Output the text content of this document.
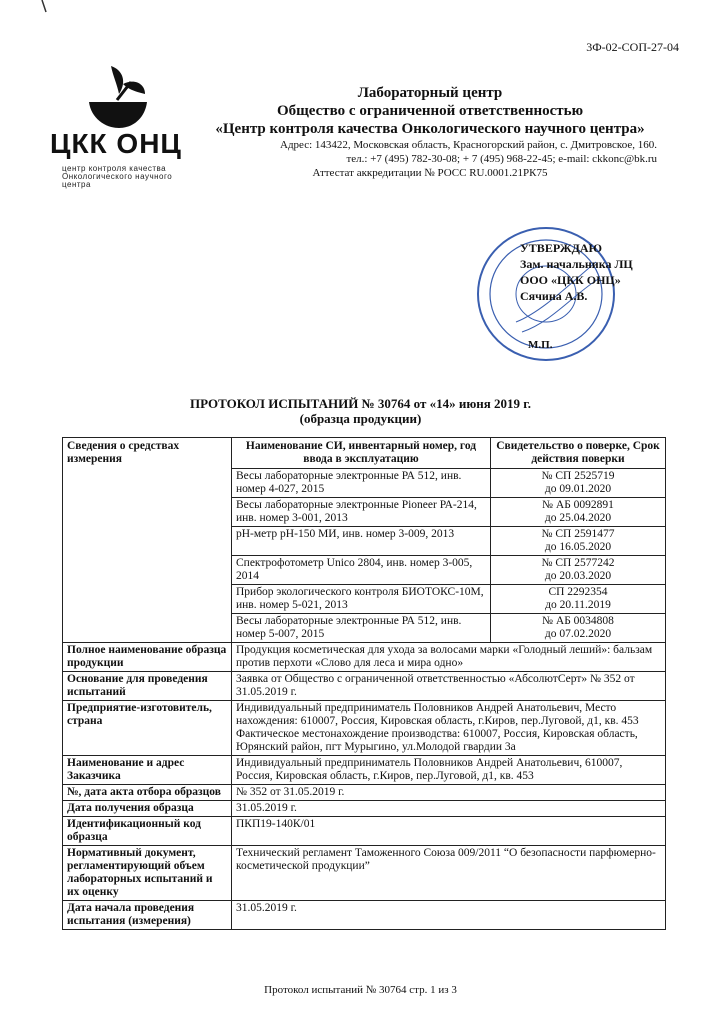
3Ф-02-СОП-27-04
ЦКК ОНЦ
центр контроля качества
Онкологического научного центра
Лабораторный центр
Общество с ограниченной ответственностью
«Центр контроля качества Онкологического научного центра»
Адрес: 143422, Московская область, Красногорский район, с. Дмитровское, 160.
тел.: +7 (495) 782-30-08; + 7 (495) 968-22-45; e-mail: ckkonc@bk.ru
Аттестат аккредитации № РОСС RU.0001.21РК75
УТВЕРЖДАЮ
Зам. начальника ЛЦ
ООО «ЦКК ОНЦ»
Сячина А.В.
М.П.
ПРОТОКОЛ ИСПЫТАНИЙ № 30764 от «14» июня 2019 г.
(образца продукции)
Сведения о средствах измерения	Наименование СИ, инвентарный номер, год ввода в эксплуатацию	Свидетельство о поверке, Срок действия поверки
	Весы лабораторные электронные РА 512, инв. номер 4-027, 2015	№ СП 2525719
до 09.01.2020

	Весы лабораторные электронные Pioneer РА-214, инв. номер 3-001, 2013	№ АБ 0092891
до 25.04.2020

	рН-метр рН-150 МИ, инв. номер 3-009, 2013	№ СП 2591477
до 16.05.2020

	Спектрофотометр Unico 2804, инв. номер 3-005, 2014	№ СП 2577242
до 20.03.2020

	Прибор экологического контроля БИОТОКС-10М, инв. номер 5-021, 2013	СП 2292354
до 20.11.2019

	Весы лабораторные электронные РА 512, инв. номер 5-007, 2015	№ АБ 0034808
до 07.02.2020

Полное наименование образца продукции	Продукция косметическая для ухода за волосами марки «Голодный леший»: бальзам против перхоти «Слово для леса и мира одно»	
Основание для проведения испытаний	Заявка от Общество с ограниченной ответственностью «АбсолютСерт» № 352 от 31.05.2019 г.	
Предприятие-изготовитель, страна	Индивидуальный предприниматель Половников Андрей Анатольевич, Место нахождения: 610007, Россия, Кировская область, г.Киров, пер.Луговой, д1, кв. 453 Фактическое местонахождение производства: 610007, Россия, Кировская область, Юрянский район, пгт Мурыгино, ул.Молодой гвардии 3а	
Наименование и адрес Заказчика	Индивидуальный предприниматель Половников Андрей Анатольевич, 610007, Россия, Кировская область, г.Киров, пер.Луговой, д1, кв. 453	
№, дата акта отбора образцов	№ 352 от 31.05.2019 г.	
Дата получения образца	31.05.2019 г.	
Идентификационный код образца	ПКП19-140К/01	
Нормативный документ, регламентирующий объем лабораторных испытаний и их оценку	Технический регламент Таможенного Союза 009/2011 “О безопасности парфюмерно-косметической продукции”	
Дата начала проведения испытания (измерения)	31.05.2019 г.	
Протокол испытаний № 30764 стр. 1 из 3
